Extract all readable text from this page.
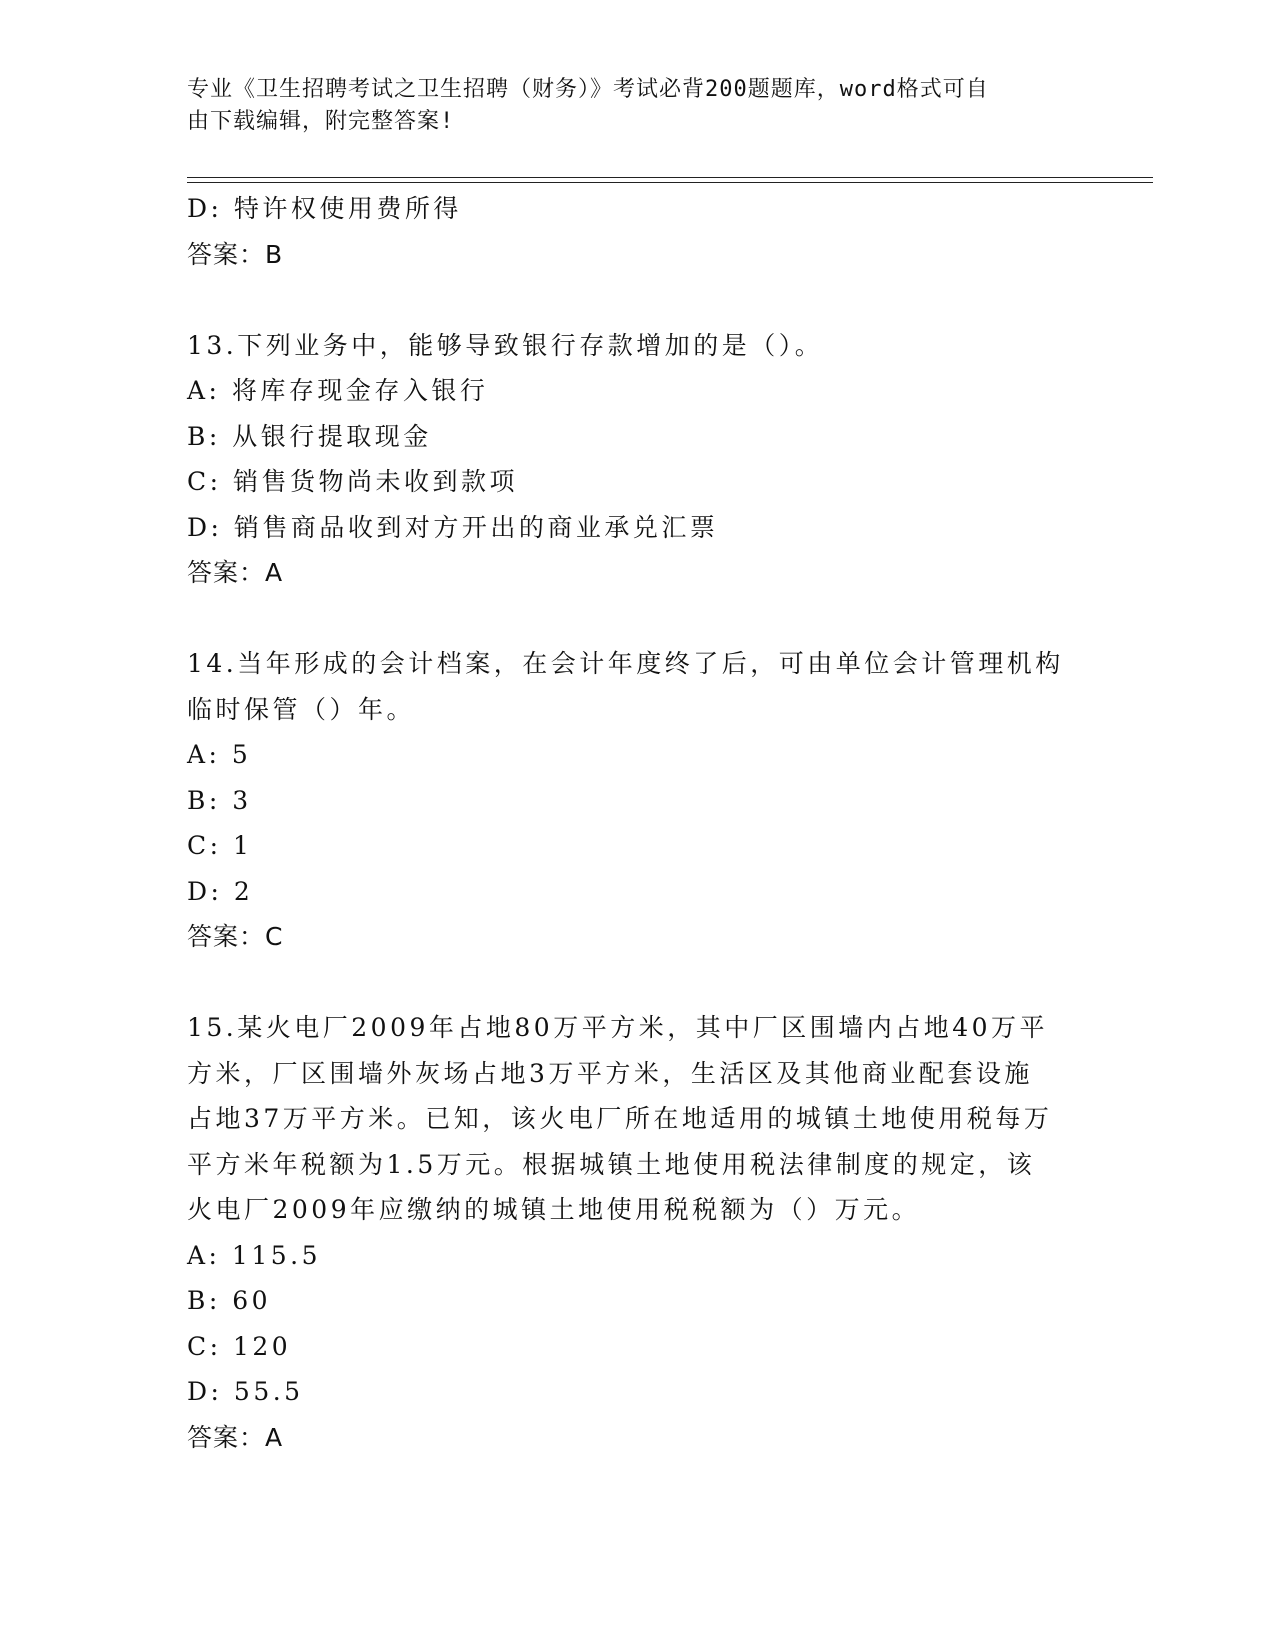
专业《卫生招聘考试之卫生招聘（财务）》考试必背200题题库，word格式可自
由下载编辑，附完整答案!
D: 特许权使用费所得
答案：B
13.下列业务中，能够导致银行存款增加的是（）。
A: 将库存现金存入银行
B: 从银行提取现金
C: 销售货物尚未收到款项
D: 销售商品收到对方开出的商业承兑汇票
答案：A
14.当年形成的会计档案，在会计年度终了后，可由单位会计管理机构
临时保管（）年。
A: 5
B: 3
C: 1
D: 2
答案：C
15.某火电厂2009年占地80万平方米，其中厂区围墙内占地40万平
方米，厂区围墙外灰场占地3万平方米，生活区及其他商业配套设施
占地37万平方米。已知，该火电厂所在地适用的城镇土地使用税每万
平方米年税额为1.5万元。根据城镇土地使用税法律制度的规定，该
火电厂2009年应缴纳的城镇土地使用税税额为（）万元。
A: 115.5
B: 60
C: 120
D: 55.5
答案：A
